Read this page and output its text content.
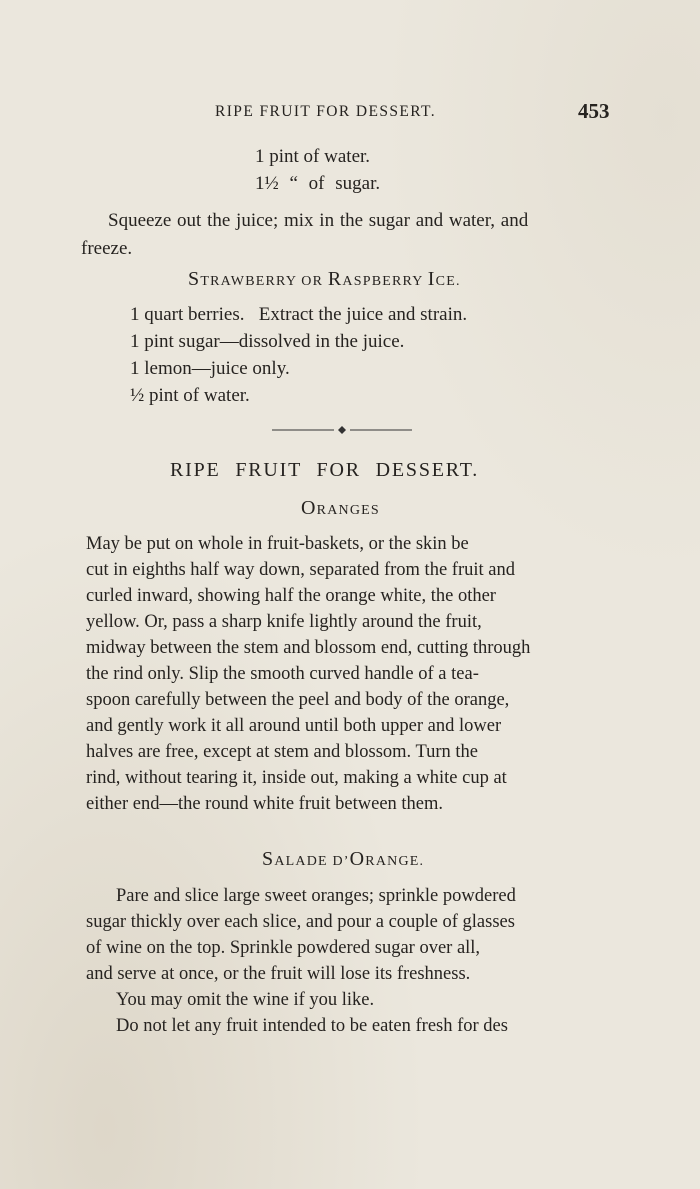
RIPE FRUIT FOR DESSERT.	453
1 pint of water.
1½ “ of sugar.
Squeeze out the juice; mix in the sugar and water, and
freeze.
STRAWBERRY OR RASPBERRY ICE.
1 quart berries.   Extract the juice and strain.
1 pint sugar—dissolved in the juice.
1 lemon—juice only.
½ pint of water.
RIPE FRUIT FOR DESSERT.
ORANGES

May be put on whole in fruit-baskets, or the skin be

cut in eighths half way down, separated from the fruit and

curled inward, showing half the orange white, the other

yellow. Or, pass a sharp knife lightly around the fruit,

midway between the stem and blossom end, cutting through

the rind only. Slip the smooth curved handle of a tea-

spoon carefully between the peel and body of the orange,

and gently work it all around until both upper and lower

halves are free, except at stem and blossom. Turn the

rind, without tearing it, inside out, making a white cup at

either end—the round white fruit between them.

SALADE D’ORANGE.

Pare and slice large sweet oranges; sprinkle powdered

sugar thickly over each slice, and pour a couple of glasses

of wine on the top. Sprinkle powdered sugar over all,

and serve at once, or the fruit will lose its freshness.

You may omit the wine if you like.

Do not let any fruit intended to be eaten fresh for des
